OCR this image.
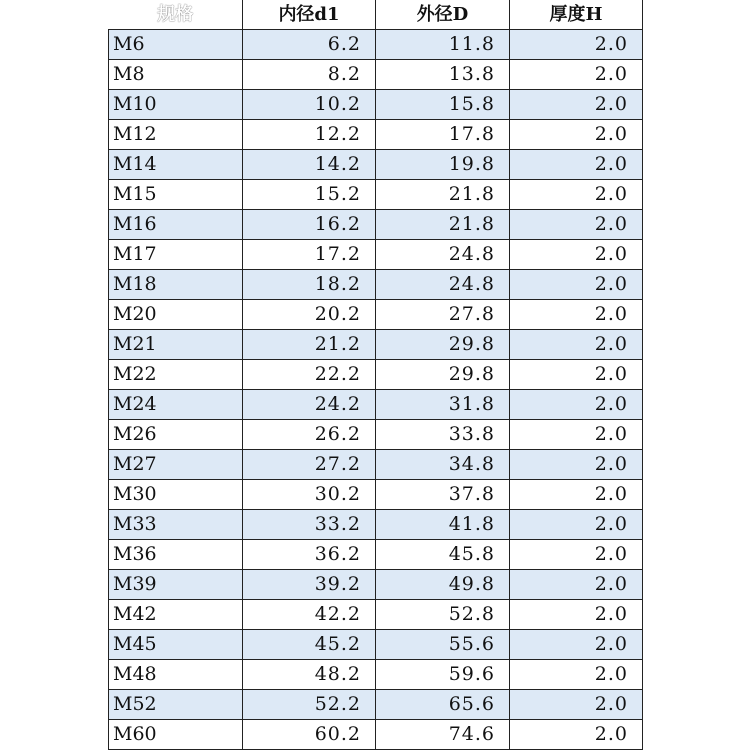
规格	内径d1	外径D	厚度H
M6	6.2	11.8	2.0
M8	8.2	13.8	2.0
M10	10.2	15.8	2.0
M12	12.2	17.8	2.0
M14	14.2	19.8	2.0
M15	15.2	21.8	2.0
M16	16.2	21.8	2.0
M17	17.2	24.8	2.0
M18	18.2	24.8	2.0
M20	20.2	27.8	2.0
M21	21.2	29.8	2.0
M22	22.2	29.8	2.0
M24	24.2	31.8	2.0
M26	26.2	33.8	2.0
M27	27.2	34.8	2.0
M30	30.2	37.8	2.0
M33	33.2	41.8	2.0
M36	36.2	45.8	2.0
M39	39.2	49.8	2.0
M42	42.2	52.8	2.0
M45	45.2	55.6	2.0
M48	48.2	59.6	2.0
M52	52.2	65.6	2.0
M60	60.2	74.6	2.0
